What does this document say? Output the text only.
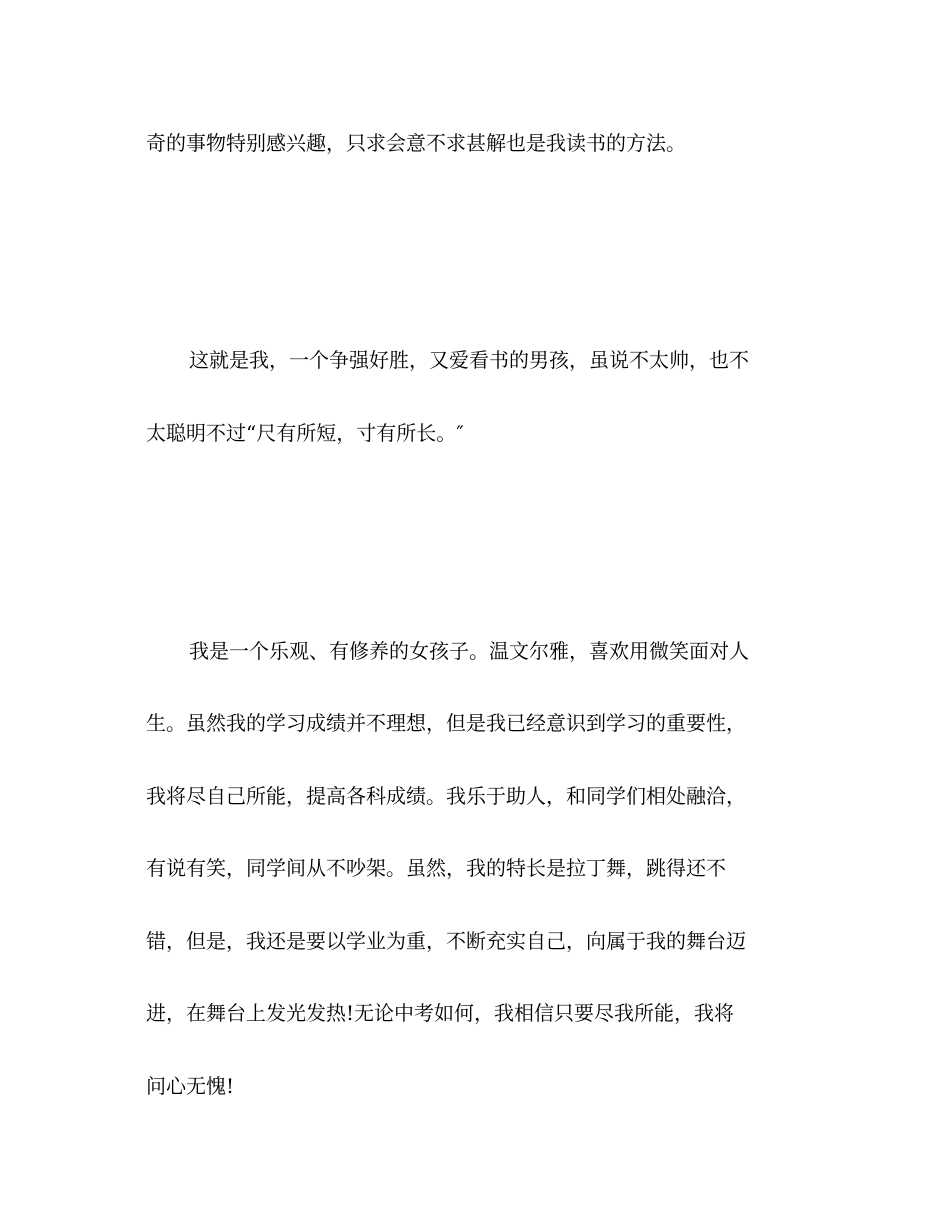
奇的事物特别感兴趣，只求会意不求甚解也是我读书的方法。
这就是我，一个争强好胜，又爱看书的男孩，虽说不太帅，也不
太聪明不过“尺有所短，寸有所长。″
我是一个乐观、有修养的女孩子。温文尔雅，喜欢用微笑面对人
生。虽然我的学习成绩并不理想，但是我已经意识到学习的重要性，
我将尽自己所能，提高各科成绩。我乐于助人，和同学们相处融洽，
有说有笑，同学间从不吵架。虽然，我的特长是拉丁舞，跳得还不
错，但是，我还是要以学业为重，不断充实自己，向属于我的舞台迈
进，在舞台上发光发热!无论中考如何，我相信只要尽我所能，我将
问心无愧!
